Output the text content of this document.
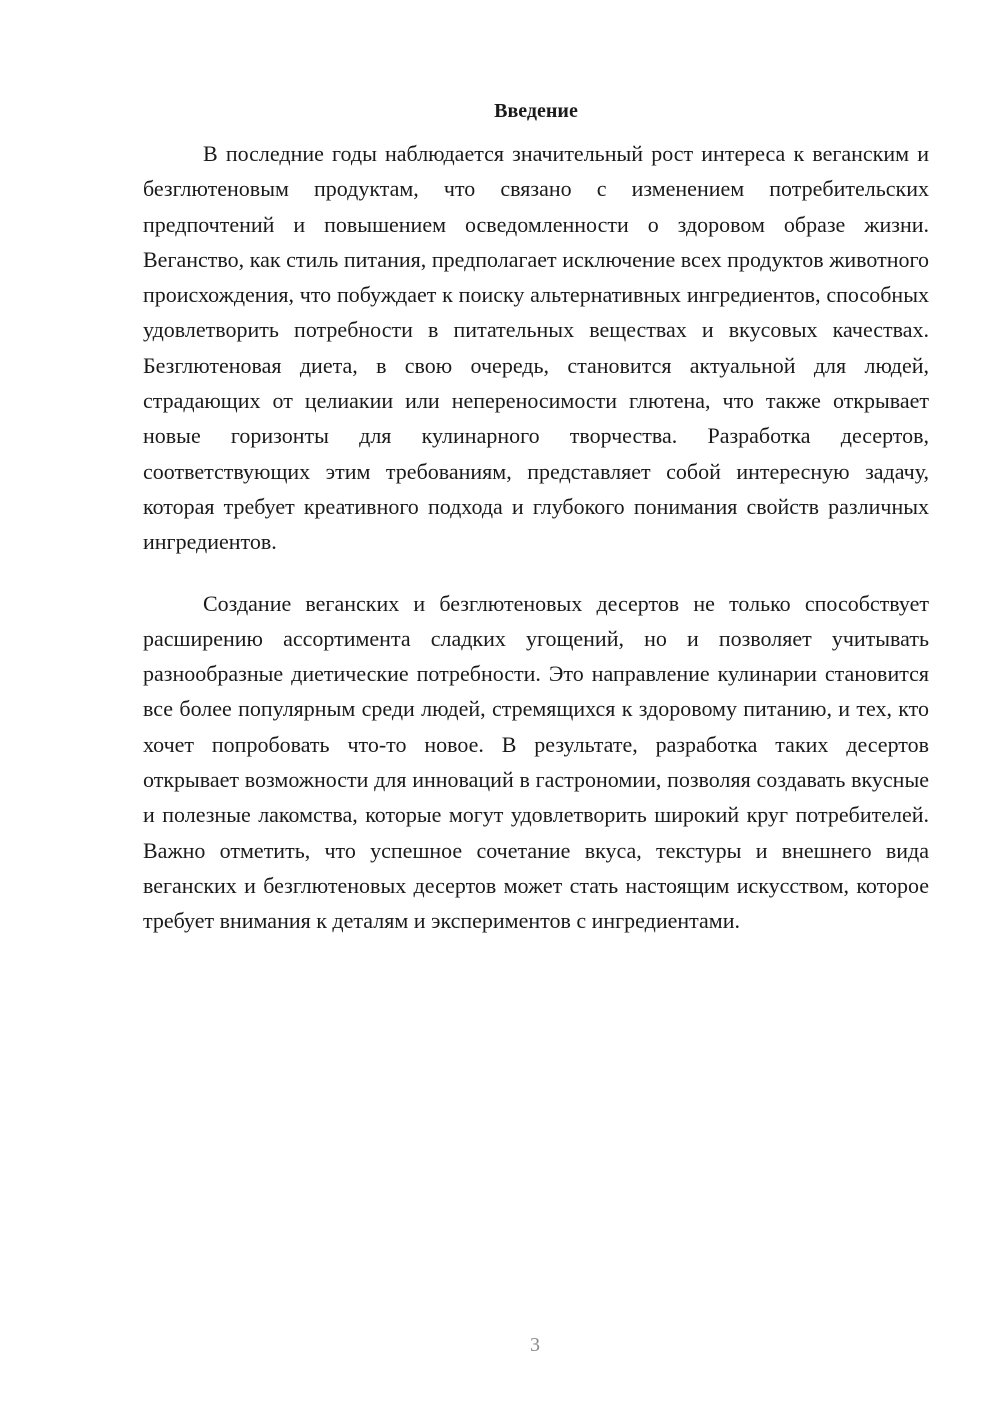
Введение

В последние годы наблюдается значительный рост интереса к веганским и безглютеновым продуктам, что связано с изменением потребительских предпочтений и повышением осведомленности о здоровом образе жизни. Веганство, как стиль питания, предполагает исключение всех продуктов животного происхождения, что побуждает к поиску альтернативных ингредиентов, способных удовлетворить потребности в питательных веществах и вкусовых качествах. Безглютеновая диета, в свою очередь, становится актуальной для людей, страдающих от целиакии или непереносимости глютена, что также открывает новые горизонты для кулинарного творчества. Разработка десертов, соответствующих этим требованиям, представляет собой интересную задачу, которая требует креативного подхода и глубокого понимания свойств различных ингредиентов.

Создание веганских и безглютеновых десертов не только способствует расширению ассортимента сладких угощений, но и позволяет учитывать разнообразные диетические потребности. Это направление кулинарии становится все более популярным среди людей, стремящихся к здоровому питанию, и тех, кто хочет попробовать что-то новое. В результате, разработка таких десертов открывает возможности для инноваций в гастрономии, позволяя создавать вкусные и полезные лакомства, которые могут удовлетворить широкий круг потребителей. Важно отметить, что успешное сочетание вкуса, текстуры и внешнего вида веганских и безглютеновых десертов может стать настоящим искусством, которое требует внимания к деталям и экспериментов с ингредиентами.

3
